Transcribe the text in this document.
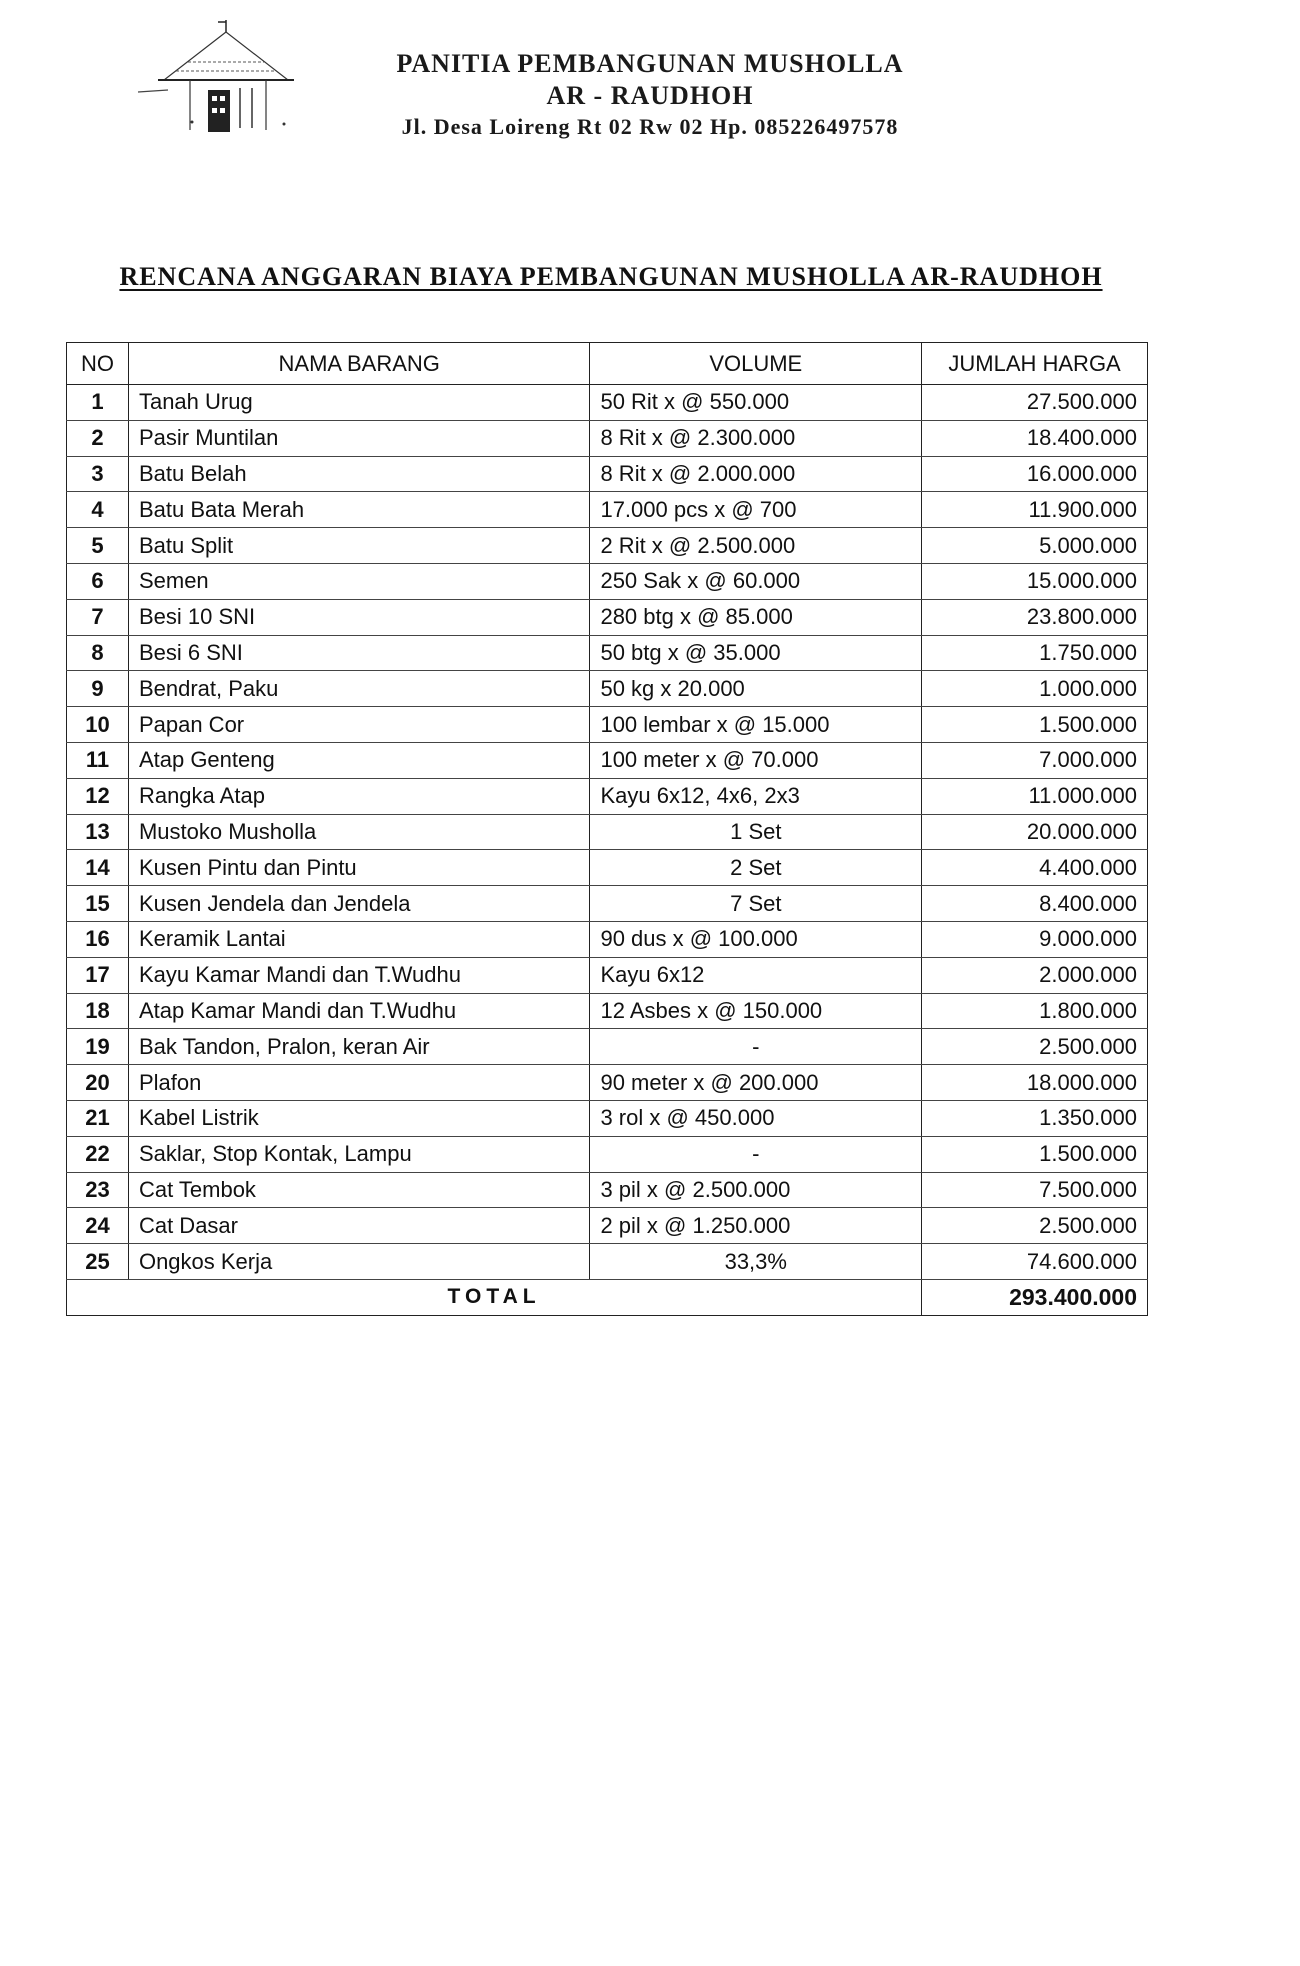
PANITIA PEMBANGUNAN MUSHOLLA
AR - RAUDHOH
Jl. Desa Loireng Rt 02 Rw 02 Hp. 085226497578
RENCANA ANGGARAN BIAYA PEMBANGUNAN MUSHOLLA AR-RAUDHOH
NO	NAMA BARANG	VOLUME	JUMLAH HARGA
1	Tanah Urug	50 Rit x @ 550.000	27.500.000
2	Pasir Muntilan	8 Rit x @ 2.300.000	18.400.000
3	Batu Belah	8 Rit x @ 2.000.000	16.000.000
4	Batu Bata Merah	17.000 pcs x @ 700	11.900.000
5	Batu Split	2 Rit x @ 2.500.000	5.000.000
6	Semen	250 Sak x @ 60.000	15.000.000
7	Besi 10 SNI	280 btg x @ 85.000	23.800.000
8	Besi 6 SNI	50 btg x @ 35.000	1.750.000
9	Bendrat, Paku	50 kg x 20.000	1.000.000
10	Papan Cor	100 lembar x @ 15.000	1.500.000
11	Atap Genteng	100 meter x @ 70.000	7.000.000
12	Rangka Atap	Kayu 6x12, 4x6, 2x3	11.000.000
13	Mustoko Musholla	1 Set	20.000.000
14	Kusen Pintu dan Pintu	2 Set	4.400.000
15	Kusen Jendela dan Jendela	7 Set	8.400.000
16	Keramik Lantai	90 dus x @ 100.000	9.000.000
17	Kayu Kamar Mandi dan T.Wudhu	Kayu 6x12	2.000.000
18	Atap Kamar Mandi dan T.Wudhu	12 Asbes x @ 150.000	1.800.000
19	Bak Tandon, Pralon, keran Air	-	2.500.000
20	Plafon	90 meter x @ 200.000	18.000.000
21	Kabel Listrik	3 rol x @ 450.000	1.350.000
22	Saklar, Stop Kontak, Lampu	-	1.500.000
23	Cat Tembok	3 pil x @ 2.500.000	7.500.000
24	Cat Dasar	2 pil x @ 1.250.000	2.500.000
25	Ongkos Kerja	33,3%	74.600.000
TOTAL			293.400.000
